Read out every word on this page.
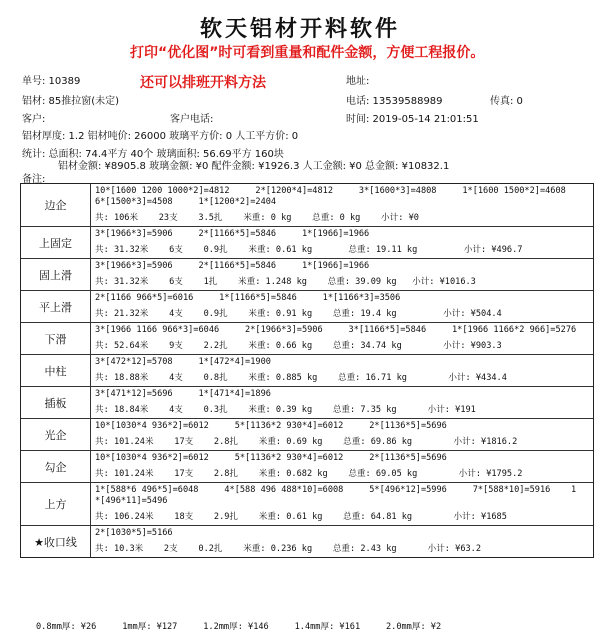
软天铝材开料软件
打印“优化图”时可看到重量和配件金额，方便工程报价。
还可以排班开料方法
单号: 10389	地址:
铝材: 85推拉窗(未定)	电话: 13539588989	传真: 0
客户:	客户电话:	时间: 2019-05-14 21:01:51
铝材厚度: 1.2 铝材吨价: 26000 玻璃平方价: 0 人工平方价: 0
统计: 总面积: 74.4平方 40个 玻璃面积: 56.69平方 160块
铝材金额: ¥8905.8 玻璃金额: ¥0 配件金额: ¥1926.3 人工金额: ¥0 总金额: ¥10832.1
备注:
边企
10*[1600 1200 1000*2]=4812     2*[1200*4]=4812     3*[1600*3]=4808     1*[1600 1500*2]=4608
6*[1500*3]=4508     1*[1200*2]=2404
共: 106米    23支    3.5扎    米重: 0 kg    总重: 0 kg    小计: ¥0
上固定
3*[1966*3]=5906     2*[1166*5]=5846     1*[1966]=1966
共: 31.32米    6支    0.9扎    米重: 0.61 kg       总重: 19.11 kg         小计: ¥496.7
固上滑
3*[1966*3]=5906     2*[1166*5]=5846     1*[1966]=1966
共: 31.32米    6支    1扎    米重: 1.248 kg    总重: 39.09 kg   小计: ¥1016.3
平上滑
2*[1166 966*5]=6016     1*[1166*5]=5846     1*[1166*3]=3506
共: 21.32米    4支    0.9扎    米重: 0.91 kg    总重: 19.4 kg         小计: ¥504.4
下滑
3*[1966 1166 966*3]=6046     2*[1966*3]=5906     3*[1166*5]=5846     1*[1966 1166*2 966]=5276
共: 52.64米    9支    2.2扎    米重: 0.66 kg    总重: 34.74 kg        小计: ¥903.3
中柱
3*[472*12]=5708     1*[472*4]=1900
共: 18.88米    4支    0.8扎    米重: 0.885 kg    总重: 16.71 kg        小计: ¥434.4
插板
3*[471*12]=5696     1*[471*4]=1896
共: 18.84米    4支    0.3扎    米重: 0.39 kg    总重: 7.35 kg      小计: ¥191
光企
10*[1030*4 936*2]=6012     5*[1136*2 930*4]=6012     2*[1136*5]=5696
共: 101.24米    17支    2.8扎    米重: 0.69 kg    总重: 69.86 kg        小计: ¥1816.2
勾企
10*[1030*4 936*2]=6012     5*[1136*2 930*4]=6012     2*[1136*5]=5696
共: 101.24米    17支    2.8扎    米重: 0.682 kg    总重: 69.05 kg        小计: ¥1795.2
上方
1*[588*6 496*5]=6048     4*[588 496 488*10]=6008     5*[496*12]=5996     7*[588*10]=5916    1
*[496*11]=5496
共: 106.24米    18支    2.9扎    米重: 0.61 kg    总重: 64.81 kg        小计: ¥1685
★收口线
2*[1030*5]=5166
共: 10.3米    2支    0.2扎    米重: 0.236 kg    总重: 2.43 kg      小计: ¥63.2
0.8mm厚: ¥26     1mm厚: ¥127     1.2mm厚: ¥146     1.4mm厚: ¥161     2.0mm厚: ¥2
